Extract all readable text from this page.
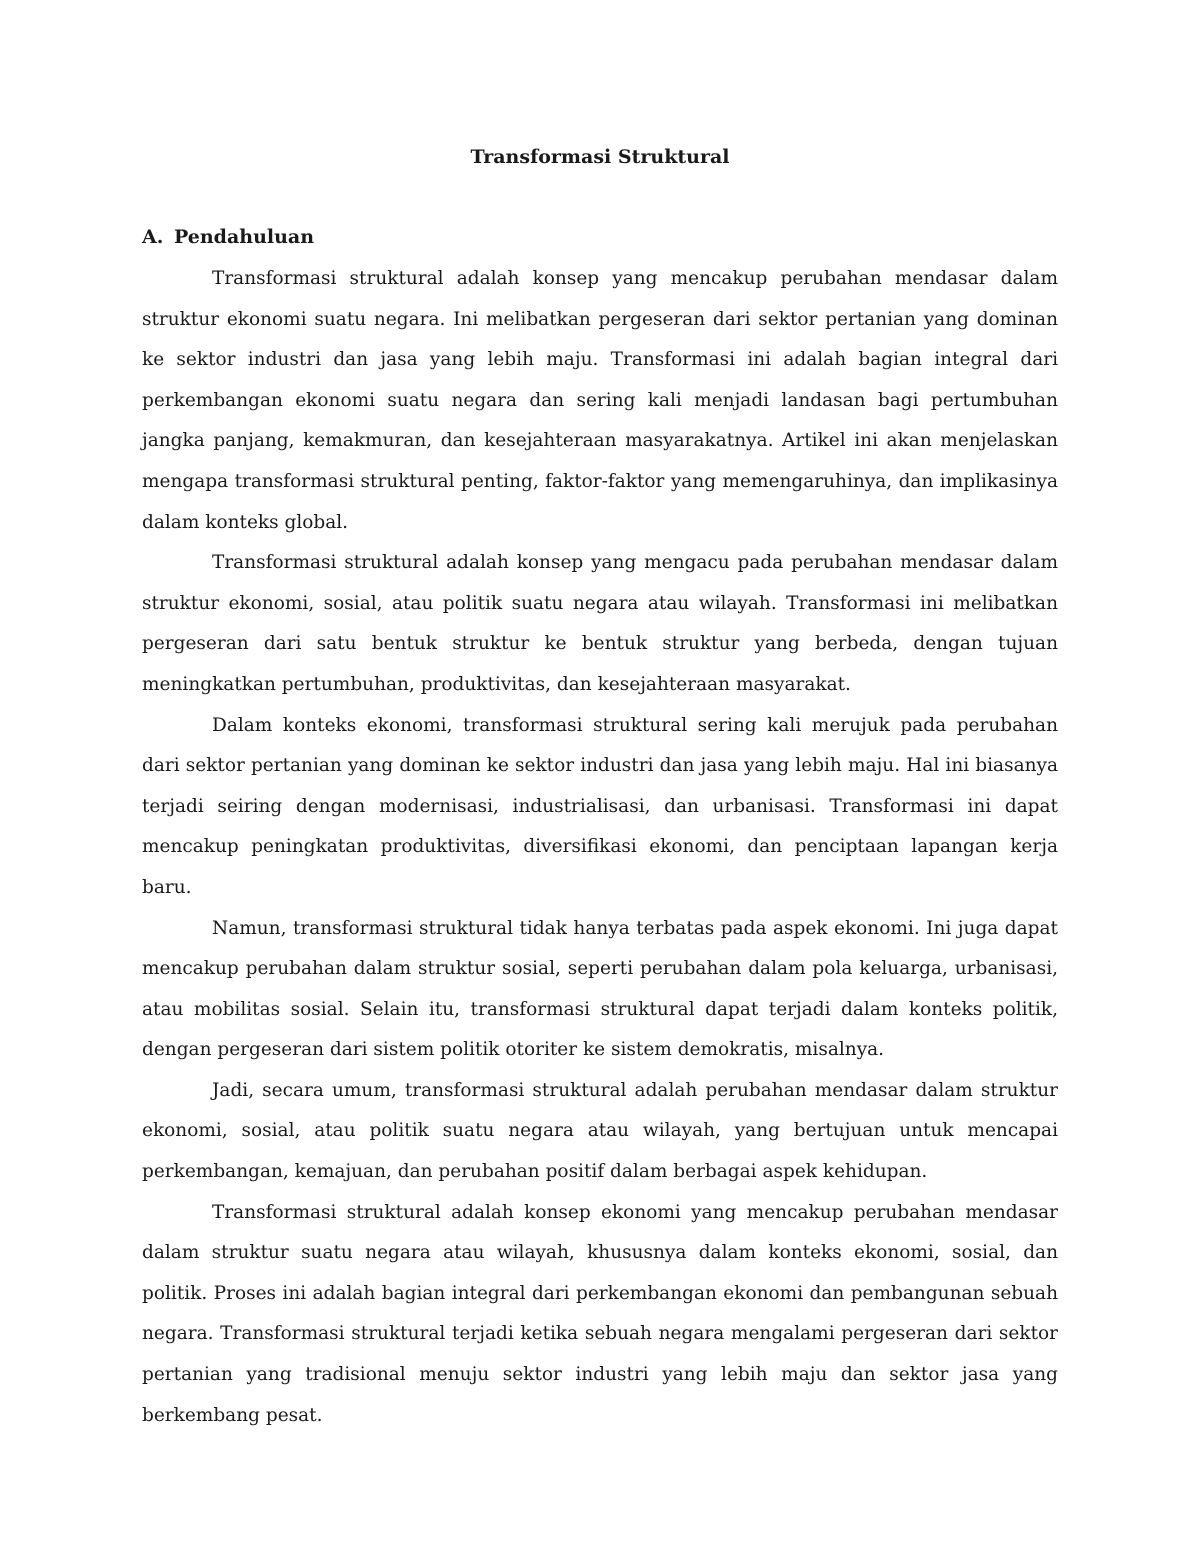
Transformasi Struktural
A. Pendahuluan

Transformasi struktural adalah konsep yang mencakup perubahan mendasar dalam struktur ekonomi suatu negara. Ini melibatkan pergeseran dari sektor pertanian yang dominan ke sektor industri dan jasa yang lebih maju. Transformasi ini adalah bagian integral dari perkembangan ekonomi suatu negara dan sering kali menjadi landasan bagi pertumbuhan jangka panjang, kemakmuran, dan kesejahteraan masyarakatnya. Artikel ini akan menjelaskan mengapa transformasi struktural penting, faktor-faktor yang memengaruhinya, dan implikasinya dalam konteks global.

Transformasi struktural adalah konsep yang mengacu pada perubahan mendasar dalam struktur ekonomi, sosial, atau politik suatu negara atau wilayah. Transformasi ini melibatkan pergeseran dari satu bentuk struktur ke bentuk struktur yang berbeda, dengan tujuan meningkatkan pertumbuhan, produktivitas, dan kesejahteraan masyarakat.

Dalam konteks ekonomi, transformasi struktural sering kali merujuk pada perubahan dari sektor pertanian yang dominan ke sektor industri dan jasa yang lebih maju. Hal ini biasanya terjadi seiring dengan modernisasi, industrialisasi, dan urbanisasi. Transformasi ini dapat mencakup peningkatan produktivitas, diversifikasi ekonomi, dan penciptaan lapangan kerja baru.

Namun, transformasi struktural tidak hanya terbatas pada aspek ekonomi. Ini juga dapat mencakup perubahan dalam struktur sosial, seperti perubahan dalam pola keluarga, urbanisasi, atau mobilitas sosial. Selain itu, transformasi struktural dapat terjadi dalam konteks politik, dengan pergeseran dari sistem politik otoriter ke sistem demokratis, misalnya.

Jadi, secara umum, transformasi struktural adalah perubahan mendasar dalam struktur ekonomi, sosial, atau politik suatu negara atau wilayah, yang bertujuan untuk mencapai perkembangan, kemajuan, dan perubahan positif dalam berbagai aspek kehidupan.

Transformasi struktural adalah konsep ekonomi yang mencakup perubahan mendasar dalam struktur suatu negara atau wilayah, khususnya dalam konteks ekonomi, sosial, dan politik. Proses ini adalah bagian integral dari perkembangan ekonomi dan pembangunan sebuah negara. Transformasi struktural terjadi ketika sebuah negara mengalami pergeseran dari sektor pertanian yang tradisional menuju sektor industri yang lebih maju dan sektor jasa yang berkembang pesat.
